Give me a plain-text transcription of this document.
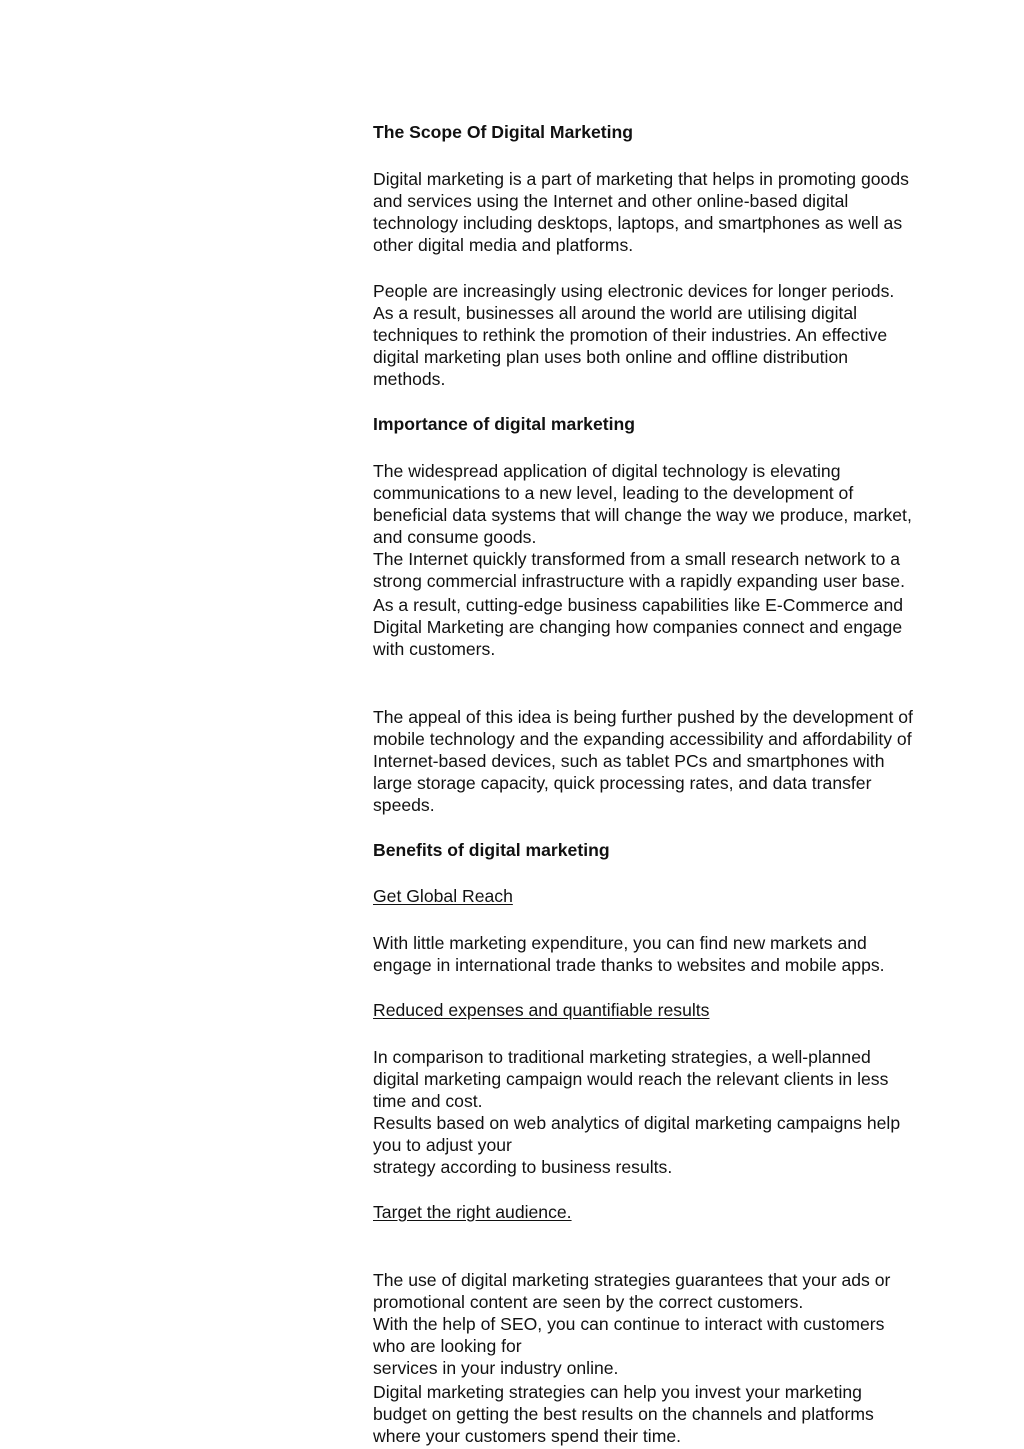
The Scope Of Digital Marketing

Digital marketing is a part of marketing that helps in promoting goods and services using the Internet and other online-based digital technology including desktops, laptops, and smartphones as well as other digital media and platforms.

People are increasingly using electronic devices for longer periods. As a result, businesses all around the world are utilising digital techniques to rethink the promotion of their industries. An effective digital marketing plan uses both online and offline distribution methods.

Importance of digital marketing

The widespread application of digital technology is elevating communications to a new level, leading to the development of beneficial data systems that will change the way we produce, market, and consume goods.

The Internet quickly transformed from a small research network to a strong commercial infrastructure with a rapidly expanding user base.

As a result, cutting-edge business capabilities like E-Commerce and Digital Marketing are changing how companies connect and engage with customers.

The appeal of this idea is being further pushed by the development of mobile technology and the expanding accessibility and affordability of Internet-based devices, such as tablet PCs and smartphones with large storage capacity, quick processing rates, and data transfer speeds.

Benefits of digital marketing

Get Global Reach

With little marketing expenditure, you can find new markets and engage in international trade thanks to websites and mobile apps.

Reduced expenses and quantifiable results

In comparison to traditional marketing strategies, a well-planned digital marketing campaign would reach the relevant clients in less time and cost.

Results based on web analytics of digital marketing campaigns help you to adjust your

strategy according to business results.

Target the right audience.

The use of digital marketing strategies guarantees that your ads or promotional content are seen by the correct customers.

With the help of SEO, you can continue to interact with customers who are looking for

services in your industry online.

Digital marketing strategies can help you invest your marketing budget on getting the best results on the channels and platforms where your customers spend their time.
